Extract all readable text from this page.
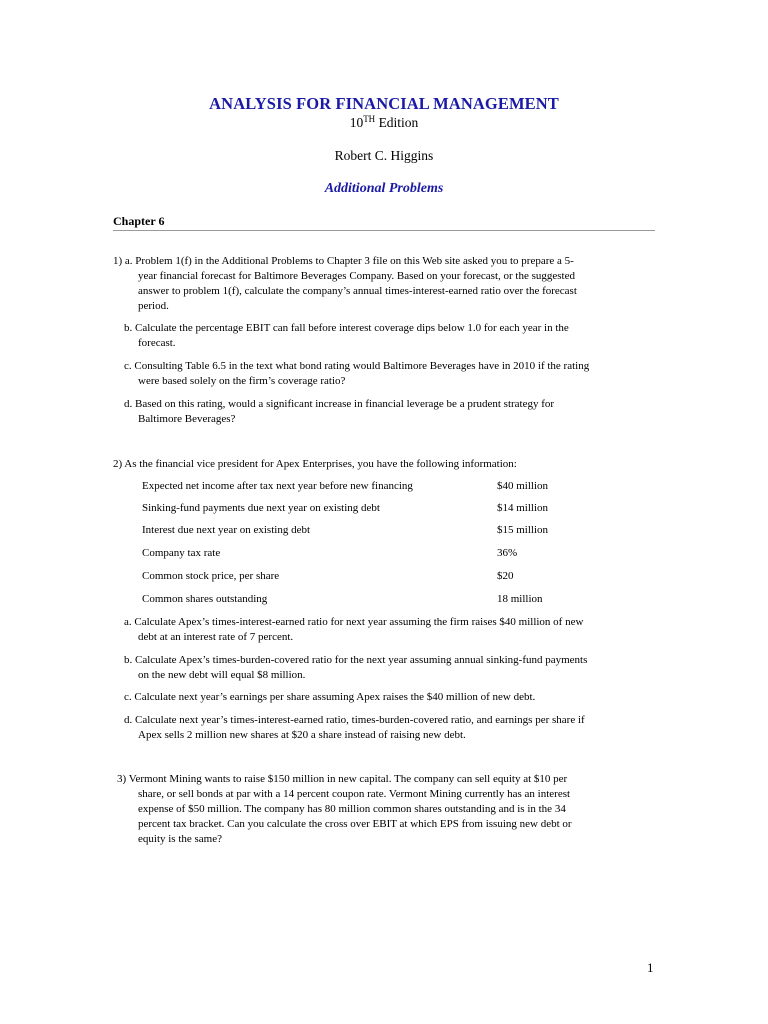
ANALYSIS FOR FINANCIAL MANAGEMENT
10TH Edition
Robert C. Higgins
Additional Problems
Chapter 6
1) a. Problem 1(f) in the Additional Problems to Chapter 3 file on this Web site asked you to prepare a 5-
year financial forecast for Baltimore Beverages Company. Based on your forecast, or the suggested
answer to problem 1(f), calculate the company’s annual times-interest-earned ratio over the forecast
period.
b. Calculate the percentage EBIT can fall before interest coverage dips below 1.0 for each year in the
forecast.
c. Consulting Table 6.5 in the text what bond rating would Baltimore Beverages have in 2010 if the rating
were based solely on the firm’s coverage ratio?
d. Based on this rating, would a significant increase in financial leverage be a prudent strategy for
Baltimore Beverages?
2) As the financial vice president for Apex Enterprises, you have the following information:
Expected net income after tax next year before new financing	$40 million
Sinking-fund payments due next year on existing debt	$14 million
Interest due next year on existing debt	$15 million
Company tax rate	36%
Common stock price, per share	$20
Common shares outstanding	18 million
a. Calculate Apex’s times-interest-earned ratio for next year assuming the firm raises $40 million of new
debt at an interest rate of 7 percent.
b. Calculate Apex’s times-burden-covered ratio for the next year assuming annual sinking-fund payments
on the new debt will equal $8 million.
c. Calculate next year’s earnings per share assuming Apex raises the $40 million of new debt.
d. Calculate next year’s times-interest-earned ratio, times-burden-covered ratio, and earnings per share if
Apex sells 2 million new shares at $20 a share instead of raising new debt.
3) Vermont Mining wants to raise $150 million in new capital. The company can sell equity at $10 per
share, or sell bonds at par with a 14 percent coupon rate. Vermont Mining currently has an interest
expense of $50 million. The company has 80 million common shares outstanding and is in the 34
percent tax bracket. Can you calculate the cross over EBIT at which EPS from issuing new debt or
equity is the same?
1
